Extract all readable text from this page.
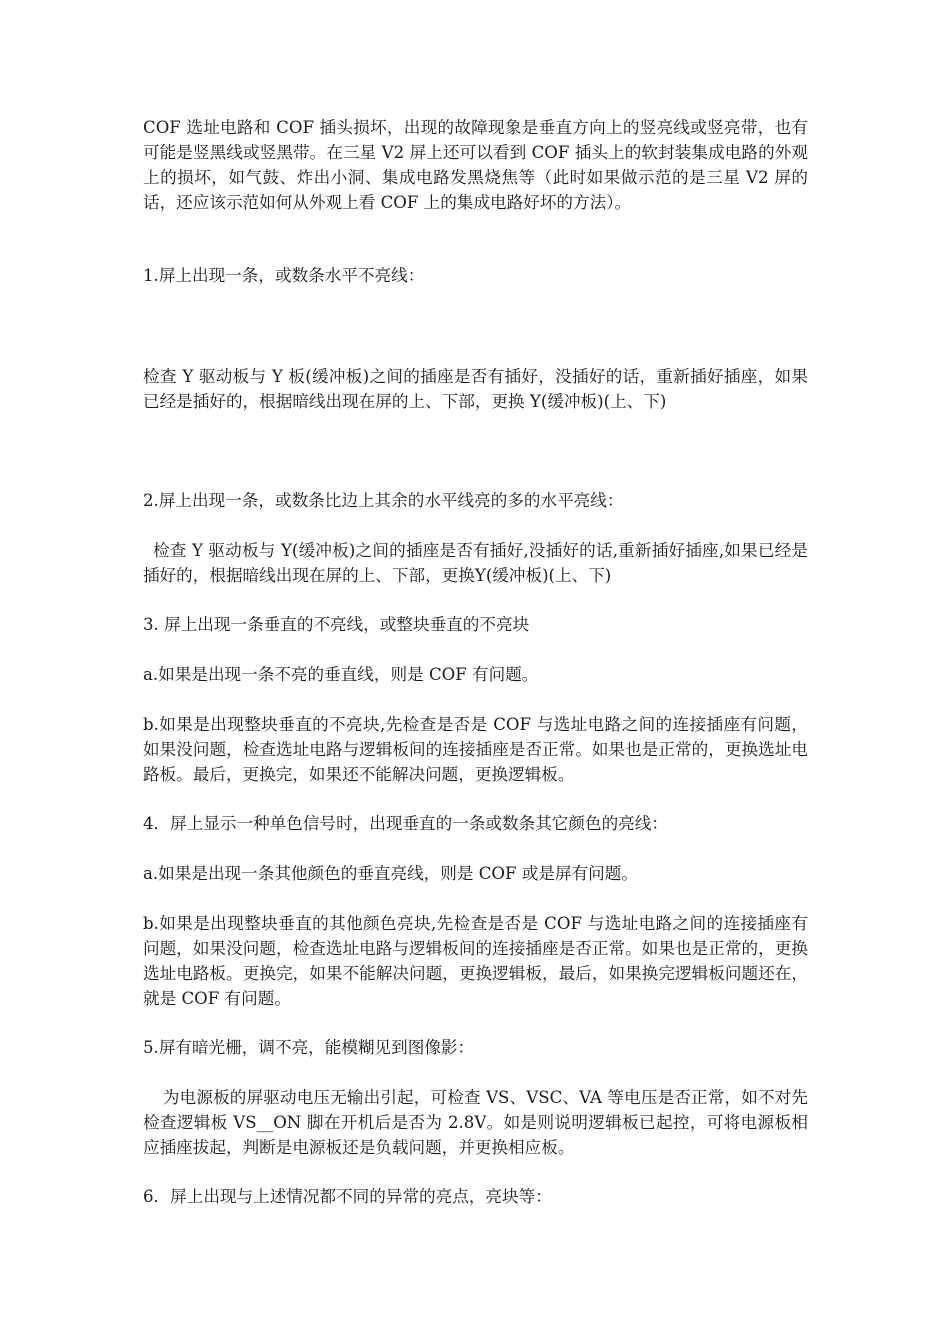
COF 选址电路和 COF 插头损坏，出现的故障现象是垂直方向上的竖亮线或竖亮带，也有可能是竖黑线或竖黑带。在三星 V2 屏上还可以看到 COF 插头上的软封装集成电路的外观上的损坏，如气鼓、炸出小洞、集成电路发黑烧焦等（此时如果做示范的是三星 V2 屏的话，还应该示范如何从外观上看 COF 上的集成电路好坏的方法）。

1.屏上出现一条，或数条水平不亮线：

检查 Y 驱动板与 Y 板(缓冲板)之间的插座是否有插好，没插好的话，重新插好插座，如果已经是插好的，根据暗线出现在屏的上、下部，更换 Y(缓冲板)(上、下)

2.屏上出现一条，或数条比边上其余的水平线亮的多的水平亮线：

检查 Y 驱动板与 Y(缓冲板)之间的插座是否有插好,没插好的话,重新插好插座,如果已经是插好的，根据暗线出现在屏的上、下部，更换Y(缓冲板)(上、下)

3. 屏上出现一条垂直的不亮线，或整块垂直的不亮块

a.如果是出现一条不亮的垂直线，则是 COF 有问题。

b.如果是出现整块垂直的不亮块,先检查是否是 COF 与选址电路之间的连接插座有问题，如果没问题，检查选址电路与逻辑板间的连接插座是否正常。如果也是正常的，更换选址电路板。最后，更换完，如果还不能解决问题，更换逻辑板。

4．屏上显示一种单色信号时，出现垂直的一条或数条其它颜色的亮线：

a.如果是出现一条其他颜色的垂直亮线，则是 COF 或是屏有问题。

b.如果是出现整块垂直的其他颜色亮块,先检查是否是 COF 与选址电路之间的连接插座有问题，如果没问题，检查选址电路与逻辑板间的连接插座是否正常。如果也是正常的，更换选址电路板。更换完，如果不能解决问题，更换逻辑板，最后，如果换完逻辑板问题还在，就是 COF 有问题。

5.屏有暗光栅，调不亮，能模糊见到图像影：

为电源板的屏驱动电压无输出引起，可检查 VS、VSC、VA 等电压是否正常，如不对先检查逻辑板 VS__ON 脚在开机后是否为 2.8V。如是则说明逻辑板已起控，可将电源板相应插座拔起，判断是电源板还是负载问题，并更换相应板。

6．屏上出现与上述情况都不同的异常的亮点，亮块等：
